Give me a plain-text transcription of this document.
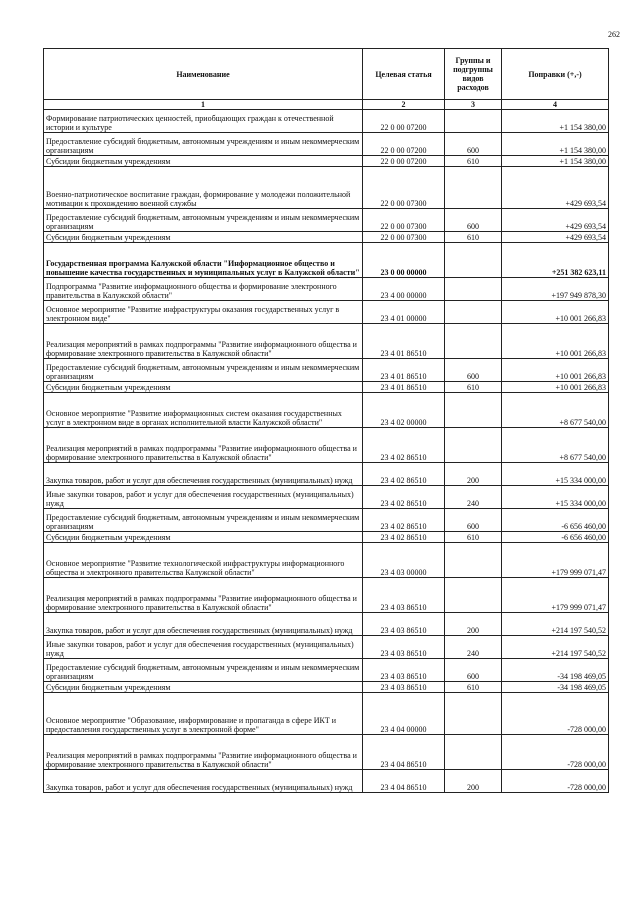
262
Наименование	Целевая статья	Группы и подгруппы видов расходов	Поправки (+,-)
1	2	3	4
Формирование патриотических ценностей, приобщающих граждан к отечественной истории и культуре	22 0 00 07200		+1 154 380,00
Предоставление субсидий бюджетным, автономным учреждениям и иным некоммерческим организациям	22 0 00 07200	600	+1 154 380,00
Субсидии бюджетным учреждениям	22 0 00 07200	610	+1 154 380,00
Военно-патриотическое воспитание граждан, формирование у молодежи положительной мотивации к прохождению военной службы	22 0 00 07300		+429 693,54
Предоставление субсидий бюджетным, автономным учреждениям и иным некоммерческим организациям	22 0 00 07300	600	+429 693,54
Субсидии бюджетным учреждениям	22 0 00 07300	610	+429 693,54
Государственная программа Калужской области "Информационное общество и повышение качества государственных и муниципальных услуг в Калужской области"	23 0 00 00000		+251 382 623,11
Подпрограмма "Развитие информационного общества и формирование электронного правительства в Калужской области"	23 4 00 00000		+197 949 878,30
Основное мероприятие "Развитие инфраструктуры оказания государственных услуг в электронном виде"	23 4 01 00000		+10 001 266,83
Реализация мероприятий в рамках подпрограммы "Развитие информационного общества и формирование электронного правительства в Калужской области"	23 4 01 86510		+10 001 266,83
Предоставление субсидий бюджетным, автономным учреждениям и иным некоммерческим организациям	23 4 01 86510	600	+10 001 266,83
Субсидии бюджетным учреждениям	23 4 01 86510	610	+10 001 266,83
Основное мероприятие "Развитие информационных систем оказания государственных услуг в электронном виде в органах исполнительной власти Калужской области"	23 4 02 00000		+8 677 540,00
Реализация мероприятий в рамках подпрограммы "Развитие информационного общества и формирование электронного правительства в Калужской области"	23 4 02 86510		+8 677 540,00
Закупка товаров, работ и услуг для обеспечения государственных (муниципальных) нужд	23 4 02 86510	200	+15 334 000,00
Иные закупки товаров, работ и услуг для обеспечения государственных (муниципальных) нужд	23 4 02 86510	240	+15 334 000,00
Предоставление субсидий бюджетным, автономным учреждениям и иным некоммерческим организациям	23 4 02 86510	600	-6 656 460,00
Субсидии бюджетным учреждениям	23 4 02 86510	610	-6 656 460,00
Основное мероприятие "Развитие технологической инфраструктуры информационного общества и электронного правительства Калужской области"	23 4 03 00000		+179 999 071,47
Реализация мероприятий в рамках подпрограммы "Развитие информационного общества и формирование электронного правительства в Калужской области"	23 4 03 86510		+179 999 071,47
Закупка товаров, работ и услуг для обеспечения государственных (муниципальных) нужд	23 4 03 86510	200	+214 197 540,52
Иные закупки товаров, работ и услуг для обеспечения государственных (муниципальных) нужд	23 4 03 86510	240	+214 197 540,52
Предоставление субсидий бюджетным, автономным учреждениям и иным некоммерческим организациям	23 4 03 86510	600	-34 198 469,05
Субсидии бюджетным учреждениям	23 4 03 86510	610	-34 198 469,05
Основное мероприятие "Образование, информирование и пропаганда в сфере ИКТ и предоставления государственных услуг в электронной форме"	23 4 04 00000		-728 000,00
Реализация мероприятий в рамках подпрограммы "Развитие информационного общества и формирование электронного правительства в Калужской области"	23 4 04 86510		-728 000,00
Закупка товаров, работ и услуг для обеспечения государственных (муниципальных) нужд	23 4 04 86510	200	-728 000,00
